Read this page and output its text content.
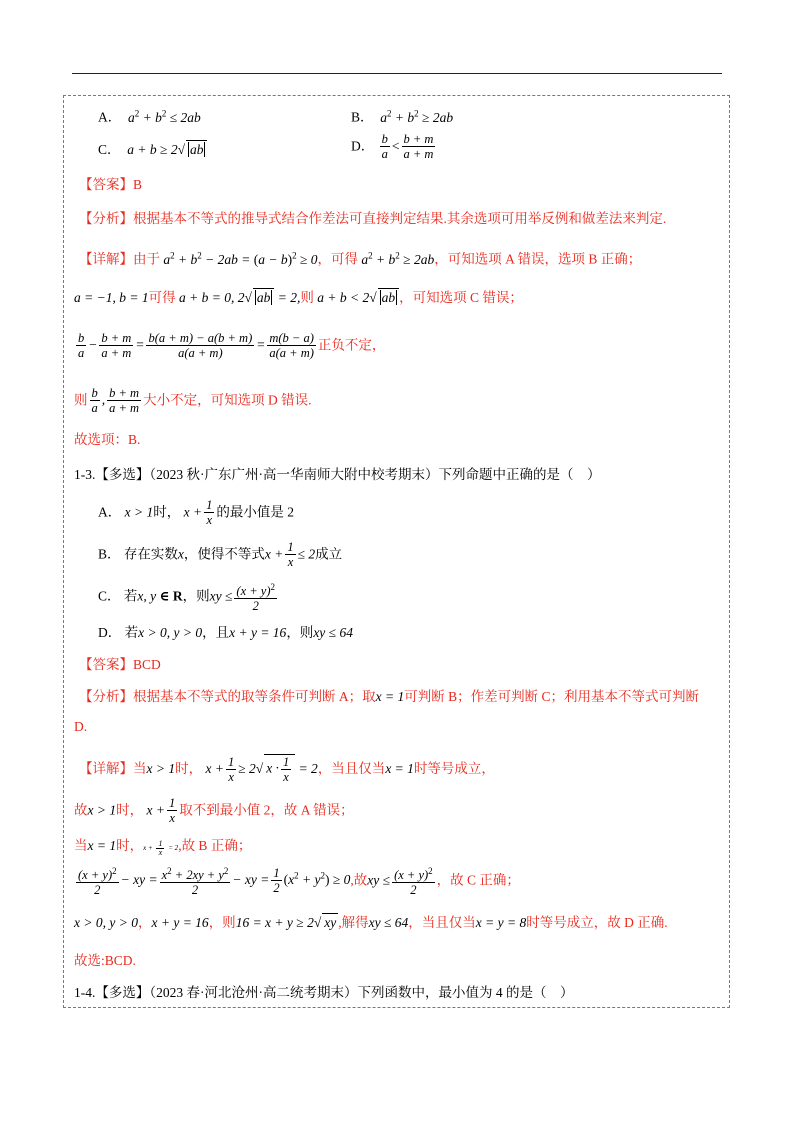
A． $a^2 + b^2 \le 2ab$	B． $a^2 + b^2 \ge 2ab$
C． a + b ≥ 2√ ab	D． $\frac{b}{a} < \frac{b + m}{a + m}$
【答案】B
【分析】根据基本不等式的推导式结合作差法可直接判定结果.其余选项可用举反例和做差法来判定.
【详解】由于 $a^2 + b^2 - 2ab = (a - b)^2 \ge 0$，可得 $a^2 + b^2 \ge 2ab$，可知选项 A 错误，选项 B 正确；
a = −1, b = 1可得 a + b = 0, 2√ ab = 2,则 a + b < 2√ ab ，可知选项 C 错误；
$\frac{b}{a} - \frac{b + m}{a + m} = \frac{b(a + m) - a(b + m)}{a(a + m)} = \frac{m(b - a)}{a(a + m)}$ 正负不定，
则 $\frac{b}{a}$ , $\frac{b + m}{a + m}$ 大小不定，可知选项 D 错误.
故选项：B.
1-3.【多选】（2023 秋·广东广州·高一华南师大附中校考期末）下列命题中正确的是（　）
A． x > 1时， $x + \frac{1}{x}$ 的最小值是 2
B． 存在实数x，使得不等式$x + \frac{1}{x} \le 2$成立
C． 若x, y ∈ R，则xy ≤ $\frac{(x + y)^2}{2}$
D． 若x > 0, y > 0，且x + y = 16，则xy ≤ 64
【答案】BCD
【分析】根据基本不等式的取等条件可判断 A；取x = 1可判断 B；作差可判断 C；利用基本不等式可判断
D.
【详解】当x > 1时， $x + \frac{1}{x} \ge 2√$ $x \cdot \frac{1}{x} = 2$，当且仅当x = 1时等号成立，
故x > 1时， $x + \frac{1}{x}$ 取不到最小值 2，故 A 错误；
当x = 1时，$x + \frac{1}{x} = 2$,故 B 正确；
$\frac{(x + y)^2}{2}$ − xy = $\frac{x^2 + 2xy + y^2}{2}$ − xy = $\frac{1}{2} (x^2 + y^2) \ge 0$,故xy ≤ $\frac{(x + y)^2}{2}$ ，故 C 正确；
x > 0, y > 0，x + y = 16，则16 = x + y ≥ 2√ xy ,解得xy ≤ 64，当且仅当x = y = 8时等号成立，故 D 正确.
故选:BCD.
1-4.【多选】（2023 春·河北沧州·高二统考期末）下列函数中，最小值为 4 的是（　）
